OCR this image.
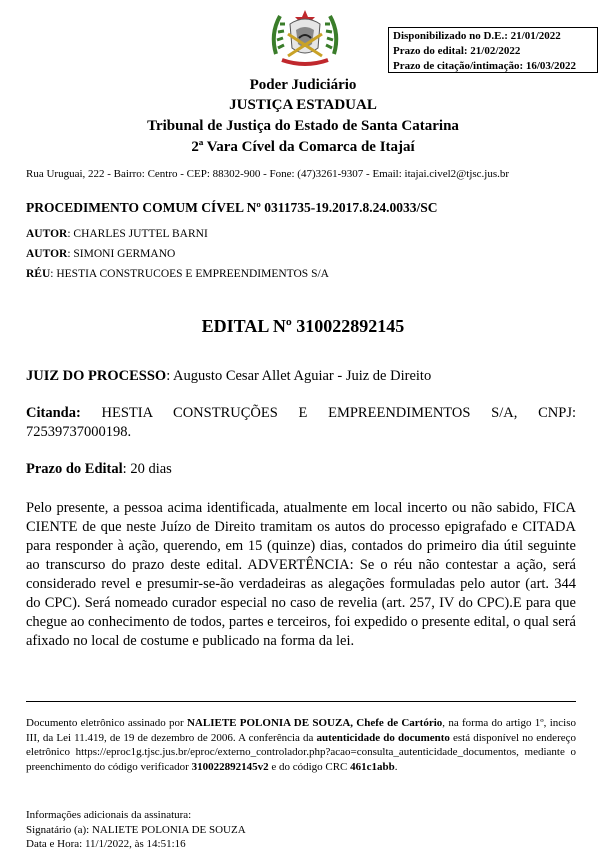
Disponibilizado no D.E.: 21/01/2022
Prazo do edital: 21/02/2022
Prazo de citação/intimação: 16/03/2022
Poder Judiciário
JUSTIÇA ESTADUAL
Tribunal de Justiça do Estado de Santa Catarina
2ª Vara Cível da Comarca de Itajaí
Rua Uruguai, 222 - Bairro: Centro - CEP: 88302-900 - Fone: (47)3261-9307 - Email: itajai.civel2@tjsc.jus.br
PROCEDIMENTO COMUM CÍVEL Nº 0311735-19.2017.8.24.0033/SC
AUTOR: CHARLES JUTTEL BARNI
AUTOR: SIMONI GERMANO
RÉU: HESTIA CONSTRUCOES E EMPREENDIMENTOS S/A
EDITAL Nº 310022892145
JUIZ DO PROCESSO: Augusto Cesar Allet Aguiar - Juiz de Direito
Citanda: HESTIA CONSTRUÇÕES E EMPREENDIMENTOS S/A, CNPJ: 72539737000198.
Prazo do Edital: 20 dias
Pelo presente, a pessoa acima identificada, atualmente em local incerto ou não sabido, FICA CIENTE de que neste Juízo de Direito tramitam os autos do processo epigrafado e CITADA para responder à ação, querendo, em 15 (quinze) dias, contados do primeiro dia útil seguinte ao transcurso do prazo deste edital. ADVERTÊNCIA: Se o réu não contestar a ação, será considerado revel e presumir-se-ão verdadeiras as alegações formuladas pelo autor (art. 344 do CPC). Será nomeado curador especial no caso de revelia (art. 257, IV do CPC).E para que chegue ao conhecimento de todos, partes e terceiros, foi expedido o presente edital, o qual será afixado no local de costume e publicado na forma da lei.
Documento eletrônico assinado por NALIETE POLONIA DE SOUZA, Chefe de Cartório, na forma do artigo 1º, inciso III, da Lei 11.419, de 19 de dezembro de 2006. A conferência da autenticidade do documento está disponível no endereço eletrônico https://eproc1g.tjsc.jus.br/eproc/externo_controlador.php?acao=consulta_autenticidade_documentos, mediante o preenchimento do código verificador 310022892145v2 e do código CRC 461c1abb.
Informações adicionais da assinatura:
Signatário (a): NALIETE POLONIA DE SOUZA
Data e Hora: 11/1/2022, às 14:51:16
